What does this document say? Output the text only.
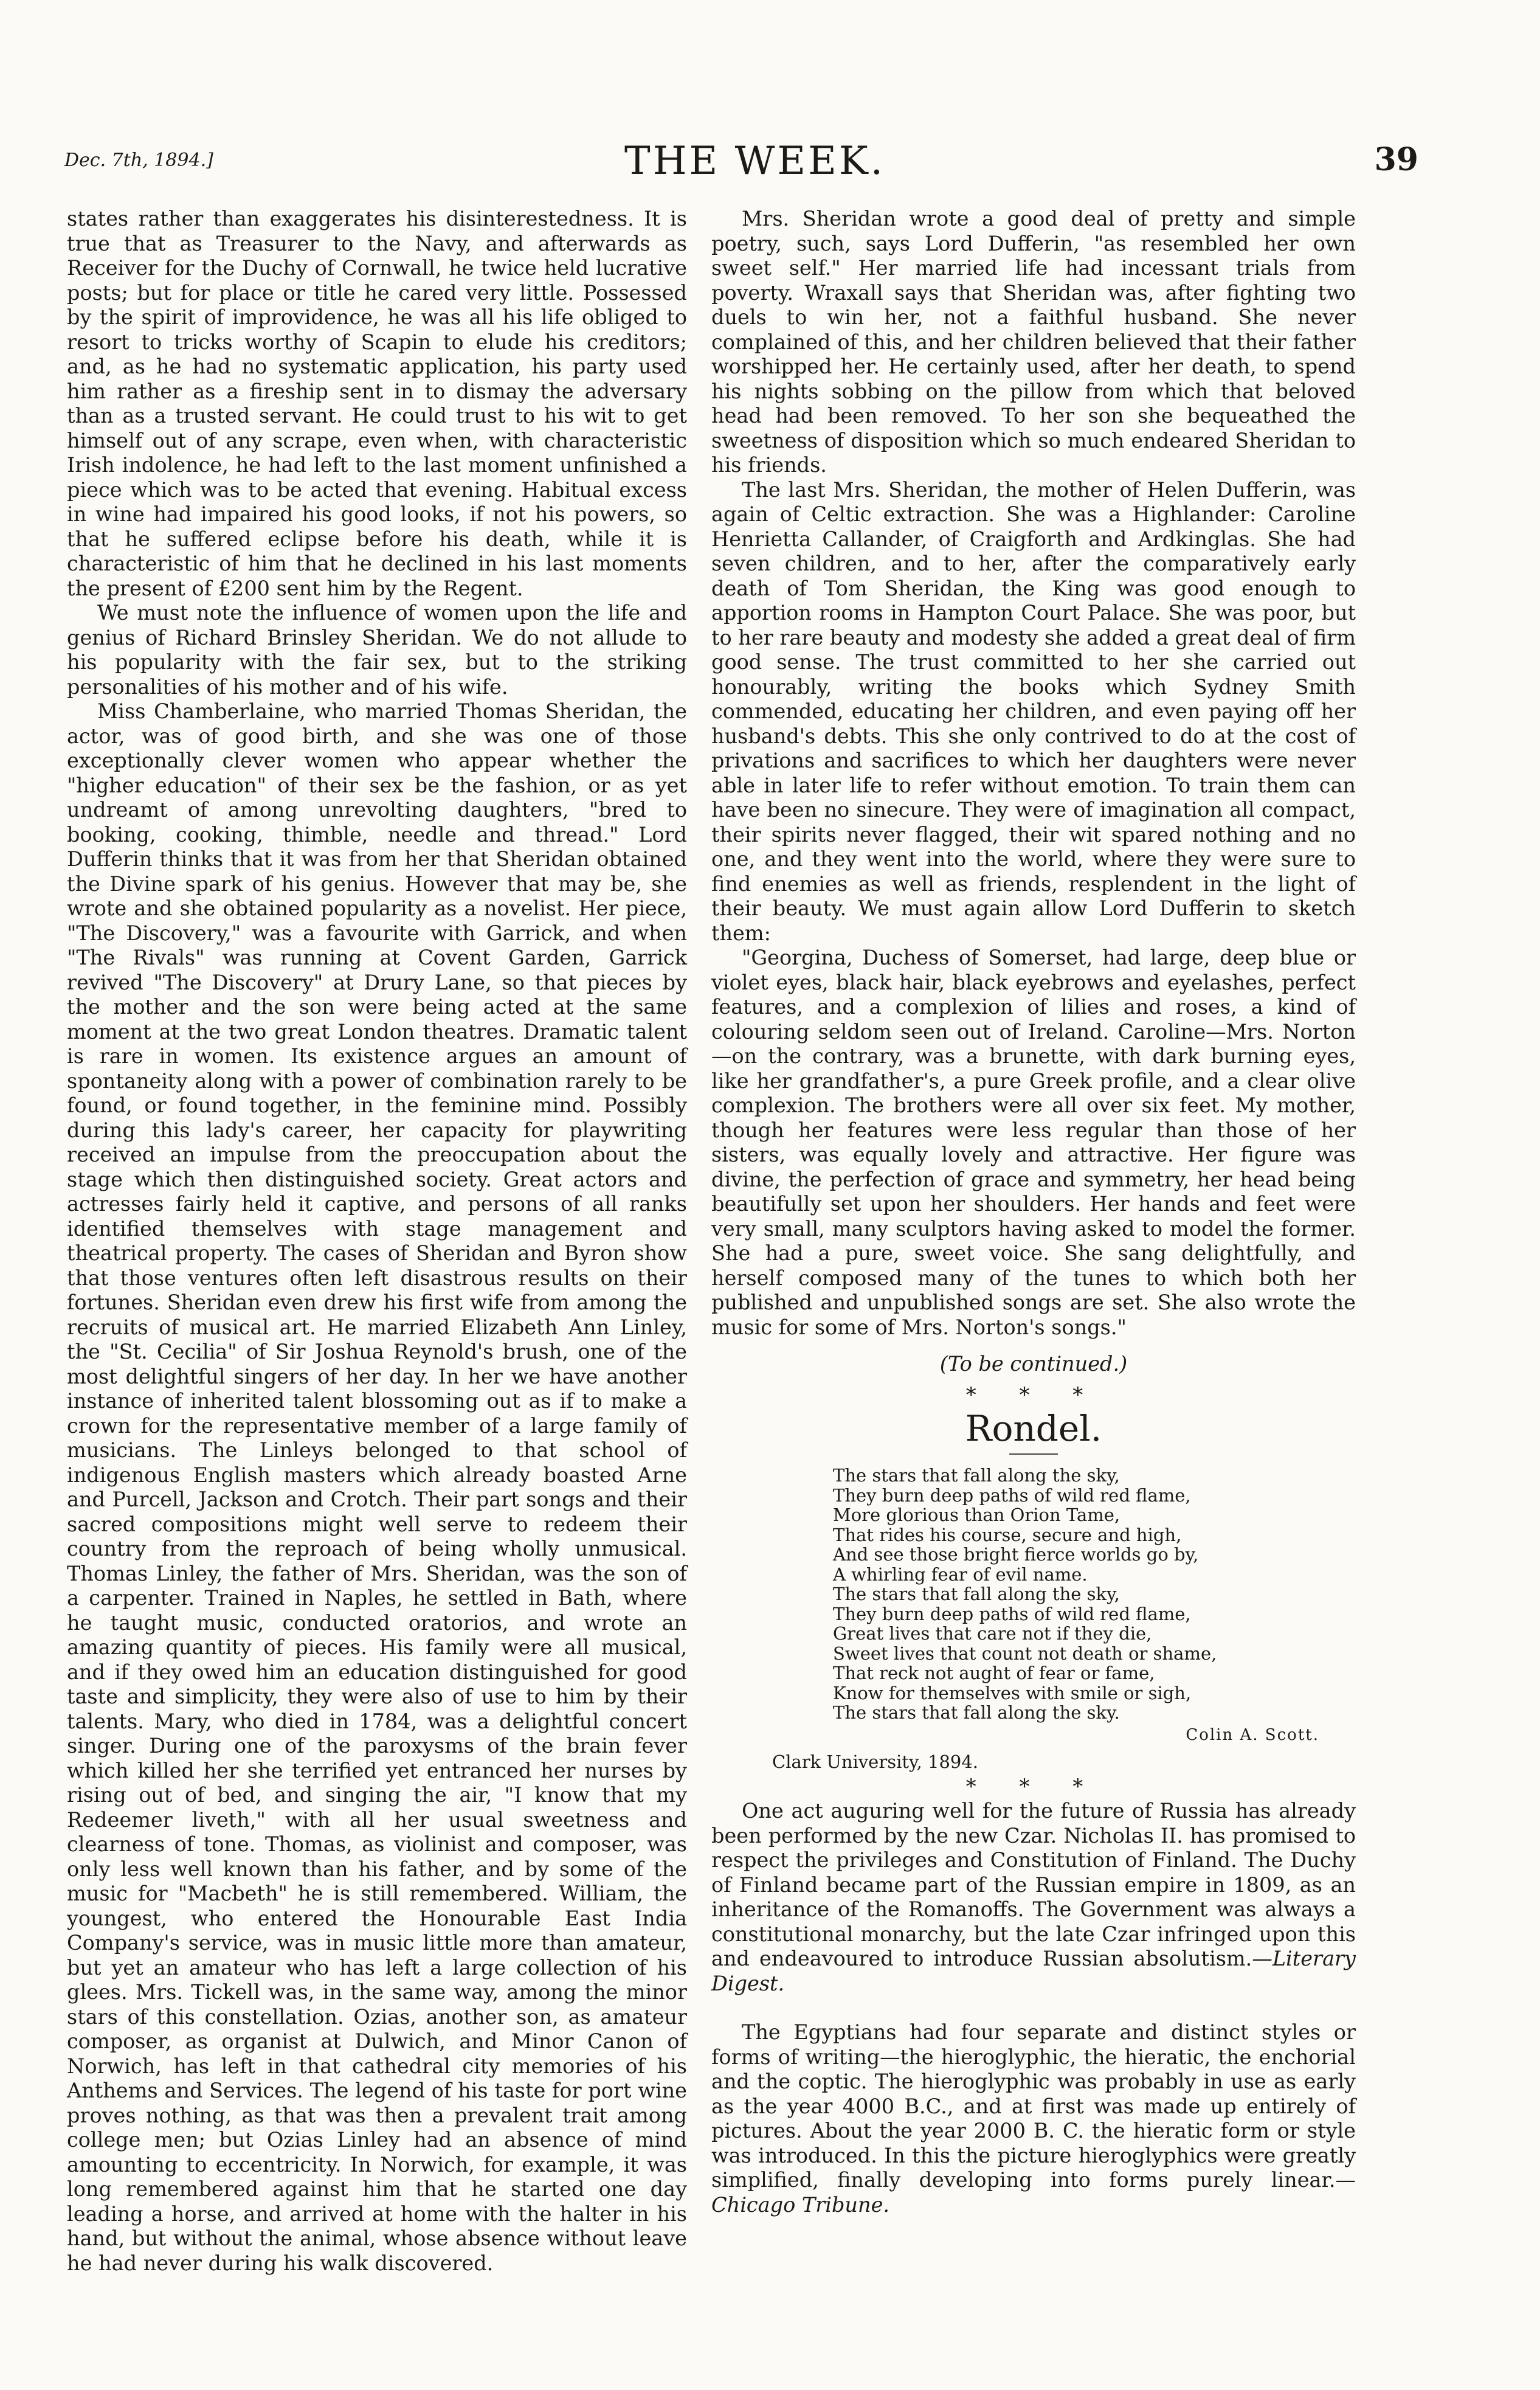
Dec. 7th, 1894.]	THE WEEK.	39

states rather than exaggerates his disinterestedness. It is true that as Treasurer to the Navy, and afterwards as Receiver for the Duchy of Cornwall, he twice held lucrative posts; but for place or title he cared very little. Possessed by the spirit of improvidence, he was all his life obliged to resort to tricks worthy of Scapin to elude his creditors; and, as he had no systematic application, his party used him rather as a fireship sent in to dismay the adversary than as a trusted servant. He could trust to his wit to get himself out of any scrape, even when, with characteristic Irish indolence, he had left to the last moment unfinished a piece which was to be acted that evening. Habitual excess in wine had impaired his good looks, if not his powers, so that he suffered eclipse before his death, while it is characteristic of him that he declined in his last moments the present of £200 sent him by the Regent.

We must note the influence of women upon the life and genius of Richard Brinsley Sheridan. We do not allude to his popularity with the fair sex, but to the striking personalities of his mother and of his wife.

Miss Chamberlaine, who married Thomas Sheridan, the actor, was of good birth, and she was one of those exceptionally clever women who appear whether the "higher education" of their sex be the fashion, or as yet undreamt of among unrevolting daughters, "bred to booking, cooking, thimble, needle and thread." Lord Dufferin thinks that it was from her that Sheridan obtained the Divine spark of his genius. However that may be, she wrote and she obtained popularity as a novelist. Her piece, "The Discovery," was a favourite with Garrick, and when "The Rivals" was running at Covent Garden, Garrick revived "The Discovery" at Drury Lane, so that pieces by the mother and the son were being acted at the same moment at the two great London theatres. Dramatic talent is rare in women. Its existence argues an amount of spontaneity along with a power of combination rarely to be found, or found together, in the feminine mind. Possibly during this lady's career, her capacity for playwriting received an impulse from the preoccupation about the stage which then distinguished society. Great actors and actresses fairly held it captive, and persons of all ranks identified themselves with stage management and theatrical property. The cases of Sheridan and Byron show that those ventures often left disastrous results on their fortunes. Sheridan even drew his first wife from among the recruits of musical art. He married Elizabeth Ann Linley, the "St. Cecilia" of Sir Joshua Reynold's brush, one of the most delightful singers of her day. In her we have another instance of inherited talent blossoming out as if to make a crown for the representative member of a large family of musicians. The Linleys belonged to that school of indigenous English masters which already boasted Arne and Purcell, Jackson and Crotch. Their part songs and their sacred compositions might well serve to redeem their country from the reproach of being wholly unmusical. Thomas Linley, the father of Mrs. Sheridan, was the son of a carpenter. Trained in Naples, he settled in Bath, where he taught music, conducted oratorios, and wrote an amazing quantity of pieces. His family were all musical, and if they owed him an education distinguished for good taste and simplicity, they were also of use to him by their talents. Mary, who died in 1784, was a delightful concert singer. During one of the paroxysms of the brain fever which killed her she terrified yet entranced her nurses by rising out of bed, and singing the air, "I know that my Redeemer liveth," with all her usual sweetness and clearness of tone. Thomas, as violinist and composer, was only less well known than his father, and by some of the music for "Macbeth" he is still remembered. William, the youngest, who entered the Honourable East India Company's service, was in music little more than amateur, but yet an amateur who has left a large collection of his glees. Mrs. Tickell was, in the same way, among the minor stars of this constellation. Ozias, another son, as amateur composer, as organist at Dulwich, and Minor Canon of Norwich, has left in that cathedral city memories of his Anthems and Services. The legend of his taste for port wine proves nothing, as that was then a prevalent trait among college men; but Ozias Linley had an absence of mind amounting to eccentricity. In Norwich, for example, it was long remembered against him that he started one day leading a horse, and arrived at home with the halter in his hand, but without the animal, whose absence without leave he had never during his walk discovered.

Mrs. Sheridan wrote a good deal of pretty and simple poetry, such, says Lord Dufferin, "as resembled her own sweet self." Her married life had incessant trials from poverty. Wraxall says that Sheridan was, after fighting two duels to win her, not a faithful husband. She never complained of this, and her children believed that their father worshipped her. He certainly used, after her death, to spend his nights sobbing on the pillow from which that beloved head had been removed. To her son she bequeathed the sweetness of disposition which so much endeared Sheridan to his friends.

The last Mrs. Sheridan, the mother of Helen Dufferin, was again of Celtic extraction. She was a Highlander: Caroline Henrietta Callander, of Craigforth and Ardkinglas. She had seven children, and to her, after the comparatively early death of Tom Sheridan, the King was good enough to apportion rooms in Hampton Court Palace. She was poor, but to her rare beauty and modesty she added a great deal of firm good sense. The trust committed to her she carried out honourably, writing the books which Sydney Smith commended, educating her children, and even paying off her husband's debts. This she only contrived to do at the cost of privations and sacrifices to which her daughters were never able in later life to refer without emotion. To train them can have been no sinecure. They were of imagination all compact, their spirits never flagged, their wit spared nothing and no one, and they went into the world, where they were sure to find enemies as well as friends, resplendent in the light of their beauty. We must again allow Lord Dufferin to sketch them:

"Georgina, Duchess of Somerset, had large, deep blue or violet eyes, black hair, black eyebrows and eyelashes, perfect features, and a complexion of lilies and roses, a kind of colouring seldom seen out of Ireland. Caroline—Mrs. Norton—on the contrary, was a brunette, with dark burning eyes, like her grandfather's, a pure Greek profile, and a clear olive complexion. The brothers were all over six feet. My mother, though her features were less regular than those of her sisters, was equally lovely and attractive. Her figure was divine, the perfection of grace and symmetry, her head being beautifully set upon her shoulders. Her hands and feet were very small, many sculptors having asked to model the former. She had a pure, sweet voice. She sang delightfully, and herself composed many of the tunes to which both her published and unpublished songs are set. She also wrote the music for some of Mrs. Norton's songs."

(To be continued.)

* * *

Rondel.
The stars that fall along the sky,
They burn deep paths of wild red flame,
More glorious than Orion Tame,
That rides his course, secure and high,
And see those bright fierce worlds go by,
A whirling fear of evil name.
The stars that fall along the sky,
They burn deep paths of wild red flame,
Great lives that care not if they die,
Sweet lives that count not death or shame,
That reck not aught of fear or fame,
Know for themselves with smile or sigh,
The stars that fall along the sky.
Colin A. Scott.
Clark University, 1894.

* * *

One act auguring well for the future of Russia has already been performed by the new Czar. Nicholas II. has promised to respect the privileges and Constitution of Finland. The Duchy of Finland became part of the Russian empire in 1809, as an inheritance of the Romanoffs. The Government was always a constitutional monarchy, but the late Czar infringed upon this and endeavoured to introduce Russian absolutism.—Literary Digest.

The Egyptians had four separate and distinct styles or forms of writing—the hieroglyphic, the hieratic, the enchorial and the coptic. The hieroglyphic was probably in use as early as the year 4000 B.C., and at first was made up entirely of pictures. About the year 2000 B. C. the hieratic form or style was introduced. In this the picture hieroglyphics were greatly simplified, finally developing into forms purely linear.—Chicago Tribune.
